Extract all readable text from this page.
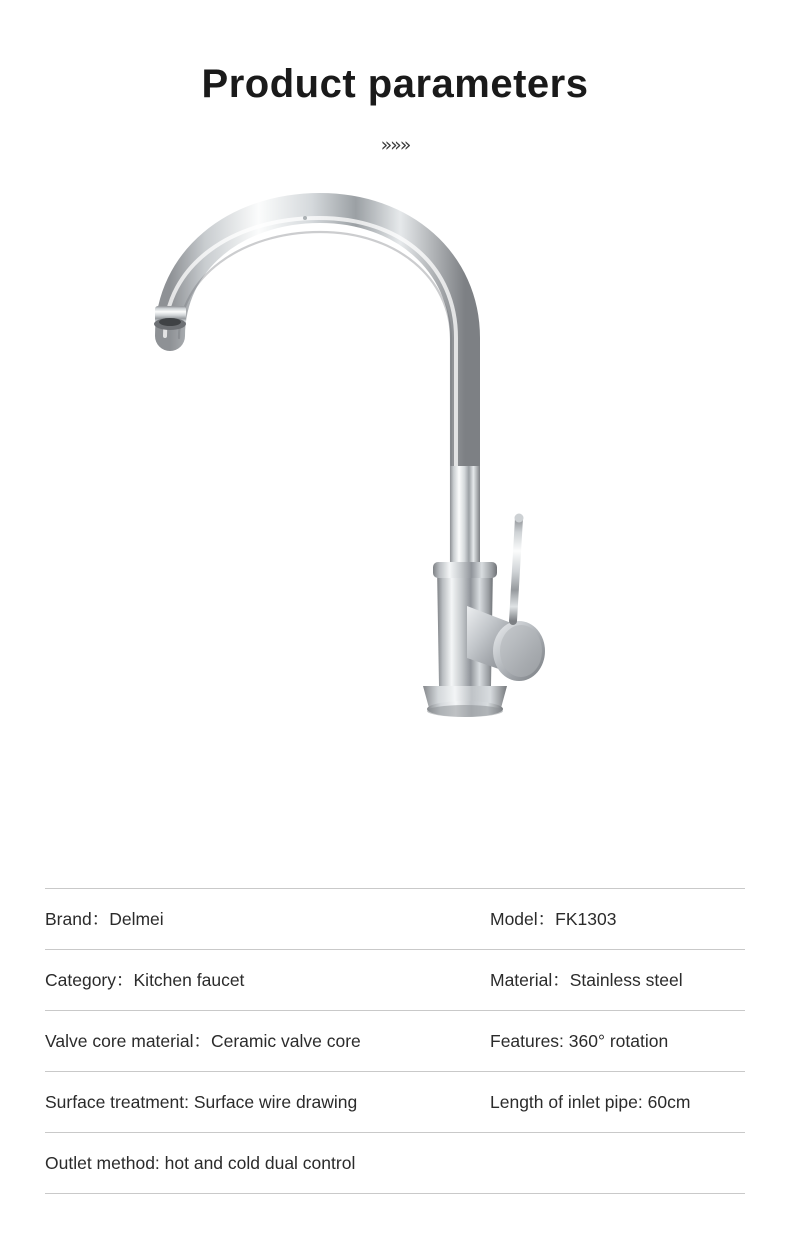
Product parameters
»»»
Brand：Delmei	Model：FK1303
Category：Kitchen faucet	Material：Stainless steel
Valve core material：Ceramic valve core	Features: 360° rotation
Surface treatment: Surface wire drawing	Length of inlet pipe: 60cm
Outlet method: hot and cold dual control
